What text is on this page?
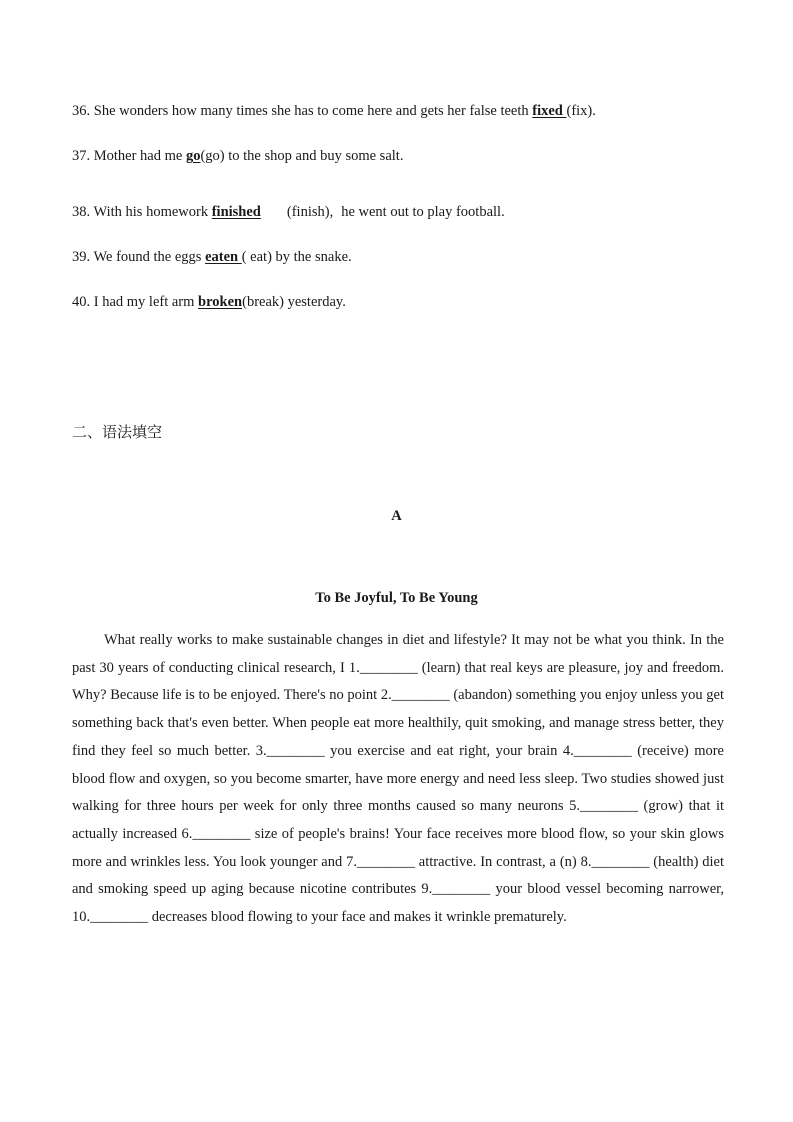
36. She wonders how many times she has to come here and gets her false teeth fixed (fix).
37. Mother had me go(go) to the shop and buy some salt.
38. With his homework finished (finish), he went out to play football.
39. We found the eggs eaten ( eat) by the snake.
40. I had my left arm broken(break) yesterday.
二、语法填空
A
To Be Joyful, To Be Young

What really works to make sustainable changes in diet and lifestyle? It may not be what you think. In the past 30 years of conducting clinical research, I 1.________ (learn) that real keys are pleasure, joy and freedom. Why? Because life is to be enjoyed. There's no point 2.________ (abandon) something you enjoy unless you get something back that's even better. When people eat more healthily, quit smoking, and manage stress better, they find they feel so much better. 3.________ you exercise and eat right, your brain 4.________ (receive) more blood flow and oxygen, so you become smarter, have more energy and need less sleep. Two studies showed just walking for three hours per week for only three months caused so many neurons 5.________ (grow) that it actually increased 6.________ size of people's brains! Your face receives more blood flow, so your skin glows more and wrinkles less. You look younger and 7.________ attractive. In contrast, a (n) 8.________ (health) diet and smoking speed up aging because nicotine contributes 9.________ your blood vessel becoming narrower, 10.________ decreases blood flowing to your face and makes it wrinkle prematurely.
